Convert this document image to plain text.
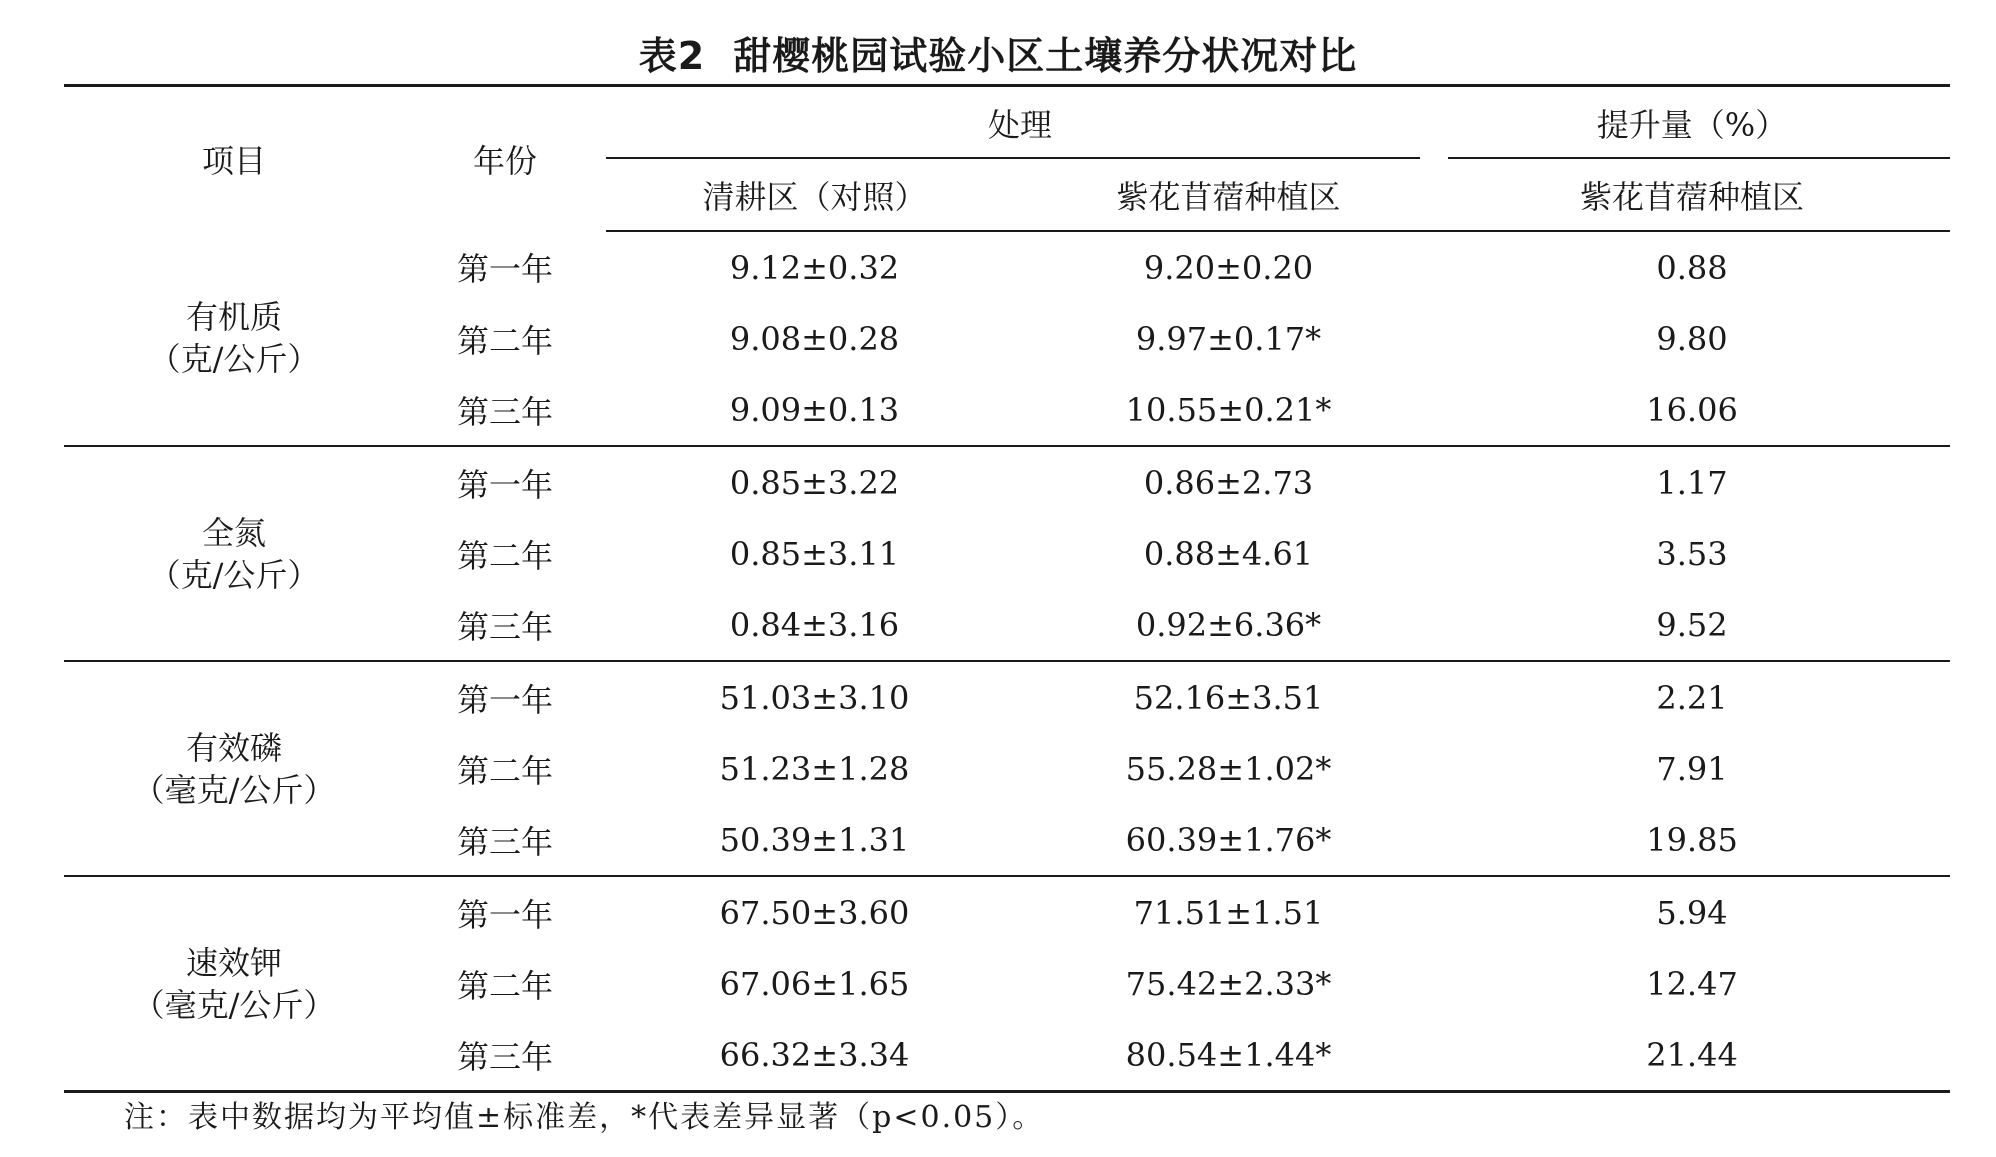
表2 甜樱桃园试验小区土壤养分状况对比
项目	年份	处理		提升量（%）

		清耕区（对照）	紫花苜蓿种植区	紫花苜蓿种植区

有机质
（克/公斤）	第一年	9.12±0.32	9.20±0.20	0.88
	第二年	9.08±0.28	9.97±0.17*	9.80
	第三年	9.09±0.13	10.55±0.21*	16.06

全氮
（克/公斤）	第一年	0.85±3.22	0.86±2.73	1.17
	第二年	0.85±3.11	0.88±4.61	3.53
	第三年	0.84±3.16	0.92±6.36*	9.52

有效磷
（毫克/公斤）	第一年	51.03±3.10	52.16±3.51	2.21
	第二年	51.23±1.28	55.28±1.02*	7.91
	第三年	50.39±1.31	60.39±1.76*	19.85

速效钾
（毫克/公斤）	第一年	67.50±3.60	71.51±1.51	5.94
	第二年	67.06±1.65	75.42±2.33*	12.47
	第三年	66.32±3.34	80.54±1.44*	21.44
注：表中数据均为平均值±标准差，*代表差异显著（p<0.05）。
